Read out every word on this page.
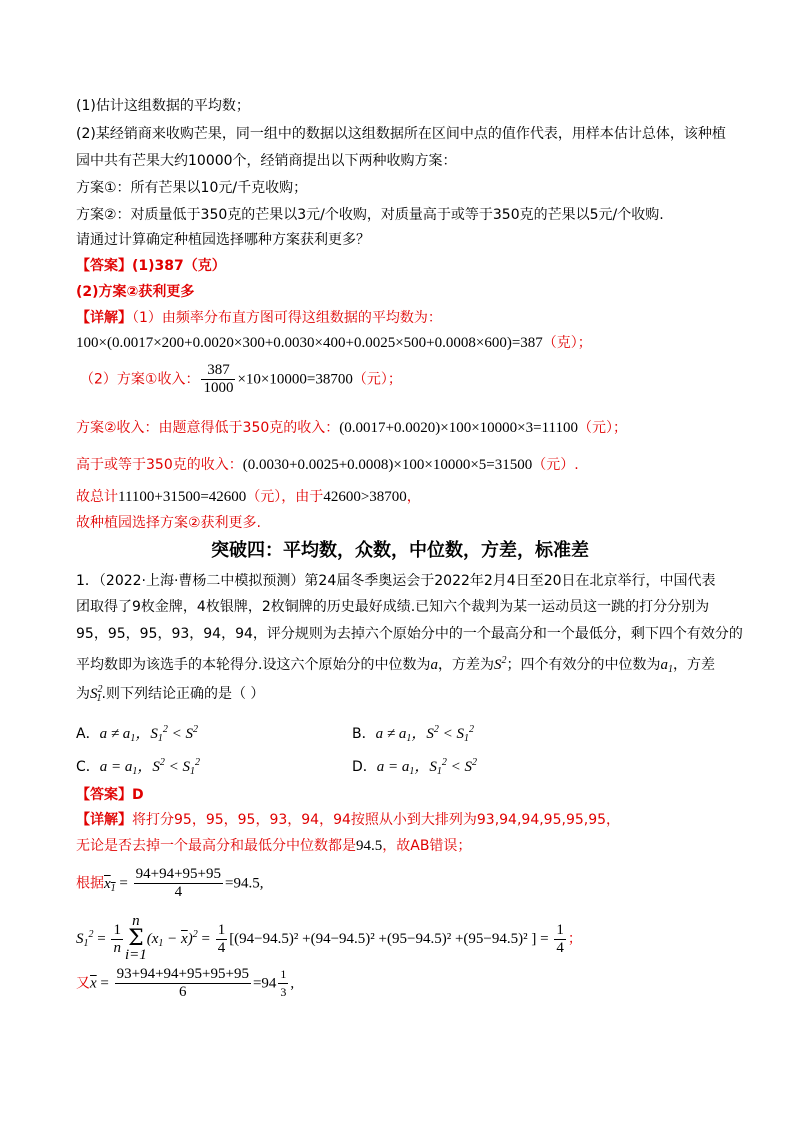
(1)估计这组数据的平均数；
(2)某经销商来收购芒果，同一组中的数据以这组数据所在区间中点的值作代表，用样本估计总体，该种植
园中共有芒果大约10000个，经销商提出以下两种收购方案：
方案①：所有芒果以10元/千克收购；
方案②：对质量低于350克的芒果以3元/个收购，对质量高于或等于350克的芒果以5元/个收购.
请通过计算确定种植园选择哪种方案获利更多？
【答案】(1)387（克）
(2)方案②获利更多
【详解】（1）由频率分布直方图可得这组数据的平均数为：
100×(0.0017×200+0.0020×300+0.0030×400+0.0025×500+0.0008×600)=387（克）；
（2）方案①收入： $\frac{387}{1000} \times 10\times 10000=38700$（元）；
方案②收入：由题意得低于350克的收入：(0.0017+0.0020)×100×10000×3=11100（元）；
高于或等于350克的收入：(0.0030+0.0025+0.0008)×100×10000×5=31500（元）.
故总计11100+31500=42600（元），由于42600>38700，
故种植园选择方案②获利更多.
突破四：平均数，众数，中位数，方差，标准差
1．（2022·上海·曹杨二中模拟预测）第24届冬季奥运会于2022年2月4日至20日在北京举行，中国代表
团取得了9枚金牌，4枚银牌，2枚铜牌的历史最好成绩.已知六个裁判为某一运动员这一跳的打分分别为
95，95，95，93，94，94，评分规则为去掉六个原始分中的一个最高分和一个最低分，剩下四个有效分的
平均数即为该选手的本轮得分.设这六个原始分的中位数为a，方差为$S^2$；四个有效分的中位数为$a_1$，方差
为$S^2_1$.则下列结论正确的是（ ）
A．$a \ne a_1$，$S_1^2 < S^2$	B．$a \ne a_1$，$S^2 < S_1^2$
C．$a = a_1$，$S^2 < S_1^2$	D．$a = a_1$，$S_1^2 < S^2$
【答案】D
【详解】将打分95，95，95，93，94，94按照从小到大排列为93,94,94,95,95,95，
无论是否去掉一个最高分和最低分中位数都是94.5，故AB错误；
根据$x_1 = \frac{94+94+95+95}{4} =94.5$,
$S_1^2 = \frac{1}{n}$
n
Σ
$i=1(x_1 - \overline{x})^2 = \frac{1}{4} [(94-94.5)^2 +(94-94.5)^2 +(95-94.5)^2 +(95-94.5)^2$ ] = $\frac{1}{4}$ ；
又$\overline{x} = \frac{93+94+94+95+95+95}{6} =94 \frac{1}{3}$ ,
